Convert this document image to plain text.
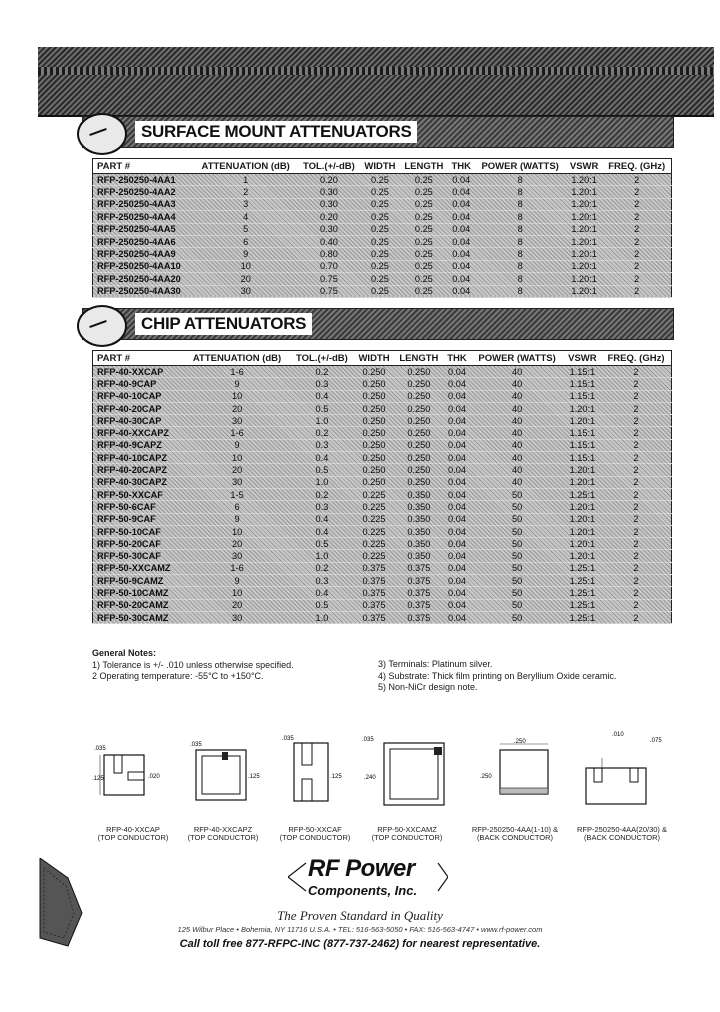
SURFACE MOUNT ATTENUATORS
PART #	ATTENUATION (dB)	TOL.(+/-dB)	WIDTH	LENGTH	THK	POWER (WATTS)	VSWR	FREQ. (GHz)
RFP-250250-4AA1	1	0.20	0.25	0.25	0.04	8	1.20:1	2
RFP-250250-4AA2	2	0.30	0.25	0.25	0.04	8	1.20:1	2
RFP-250250-4AA3	3	0.30	0.25	0.25	0.04	8	1.20:1	2
RFP-250250-4AA4	4	0.20	0.25	0.25	0.04	8	1.20:1	2
RFP-250250-4AA5	5	0.30	0.25	0.25	0.04	8	1.20:1	2
RFP-250250-4AA6	6	0.40	0.25	0.25	0.04	8	1.20:1	2
RFP-250250-4AA9	9	0.80	0.25	0.25	0.04	8	1.20:1	2
RFP-250250-4AA10	10	0.70	0.25	0.25	0.04	8	1.20:1	2
RFP-250250-4AA20	20	0.75	0.25	0.25	0.04	8	1.20:1	2
RFP-250250-4AA30	30	0.75	0.25	0.25	0.04	8	1.20:1	2
CHIP ATTENUATORS
PART #	ATTENUATION (dB)	TOL.(+/-dB)	WIDTH	LENGTH	THK	POWER (WATTS)	VSWR	FREQ. (GHz)
RFP-40-XXCAP	1-6	0.2	0.250	0.250	0.04	40	1.15:1	2
RFP-40-9CAP	9	0.3	0.250	0.250	0.04	40	1.15:1	2
RFP-40-10CAP	10	0.4	0.250	0.250	0.04	40	1.15:1	2
RFP-40-20CAP	20	0.5	0.250	0.250	0.04	40	1.20:1	2
RFP-40-30CAP	30	1.0	0.250	0.250	0.04	40	1.20:1	2
RFP-40-XXCAPZ	1-6	0.2	0.250	0.250	0.04	40	1.15:1	2
RFP-40-9CAPZ	9	0.3	0.250	0.250	0.04	40	1.15:1	2
RFP-40-10CAPZ	10	0.4	0.250	0.250	0.04	40	1.15:1	2
RFP-40-20CAPZ	20	0.5	0.250	0.250	0.04	40	1.20:1	2
RFP-40-30CAPZ	30	1.0	0.250	0.250	0.04	40	1.20:1	2
RFP-50-XXCAF	1-5	0.2	0.225	0.350	0.04	50	1.25:1	2
RFP-50-6CAF	6	0.3	0.225	0.350	0.04	50	1.20:1	2
RFP-50-9CAF	9	0.4	0.225	0.350	0.04	50	1.20:1	2
RFP-50-10CAF	10	0.4	0.225	0.350	0.04	50	1.20:1	2
RFP-50-20CAF	20	0.5	0.225	0.350	0.04	50	1.20:1	2
RFP-50-30CAF	30	1.0	0.225	0.350	0.04	50	1.20:1	2
RFP-50-XXCAMZ	1-6	0.2	0.375	0.375	0.04	50	1.25:1	2
RFP-50-9CAMZ	9	0.3	0.375	0.375	0.04	50	1.25:1	2
RFP-50-10CAMZ	10	0.4	0.375	0.375	0.04	50	1.25:1	2
RFP-50-20CAMZ	20	0.5	0.375	0.375	0.04	50	1.25:1	2
RFP-50-30CAMZ	30	1.0	0.375	0.375	0.04	50	1.25:1	2
General Notes:
1) Tolerance is +/- .010 unless otherwise specified.
2 Operating temperature: -55°C to +150°C.
3) Terminals: Platinum silver.
4) Substrate: Thick film printing on Beryllium Oxide ceramic.
5) Non-NiCr design note.
.035
.125	.020
RFP-40-XXCAP
(TOP CONDUCTOR)
.035
.125
RFP-40-XXCAPZ
(TOP CONDUCTOR)
.035
.125
RFP-50-XXCAF
(TOP CONDUCTOR)
.035
.240
RFP-50-XXCAMZ
(TOP CONDUCTOR)
.250
.250
RFP-250250-4AA(1-10) &
(BACK CONDUCTOR)
.010
.075
RFP-250250-4AA(20/30) &
(BACK CONDUCTOR)
RF Power
Components, Inc.
The Proven Standard in Quality
125 Wilbur Place • Bohemia, NY 11716 U.S.A. • TEL: 516-563-5050 • FAX: 516-563-4747 • www.rf-power.com
Call toll free 877-RFPC-INC (877-737-2462) for nearest representative.
